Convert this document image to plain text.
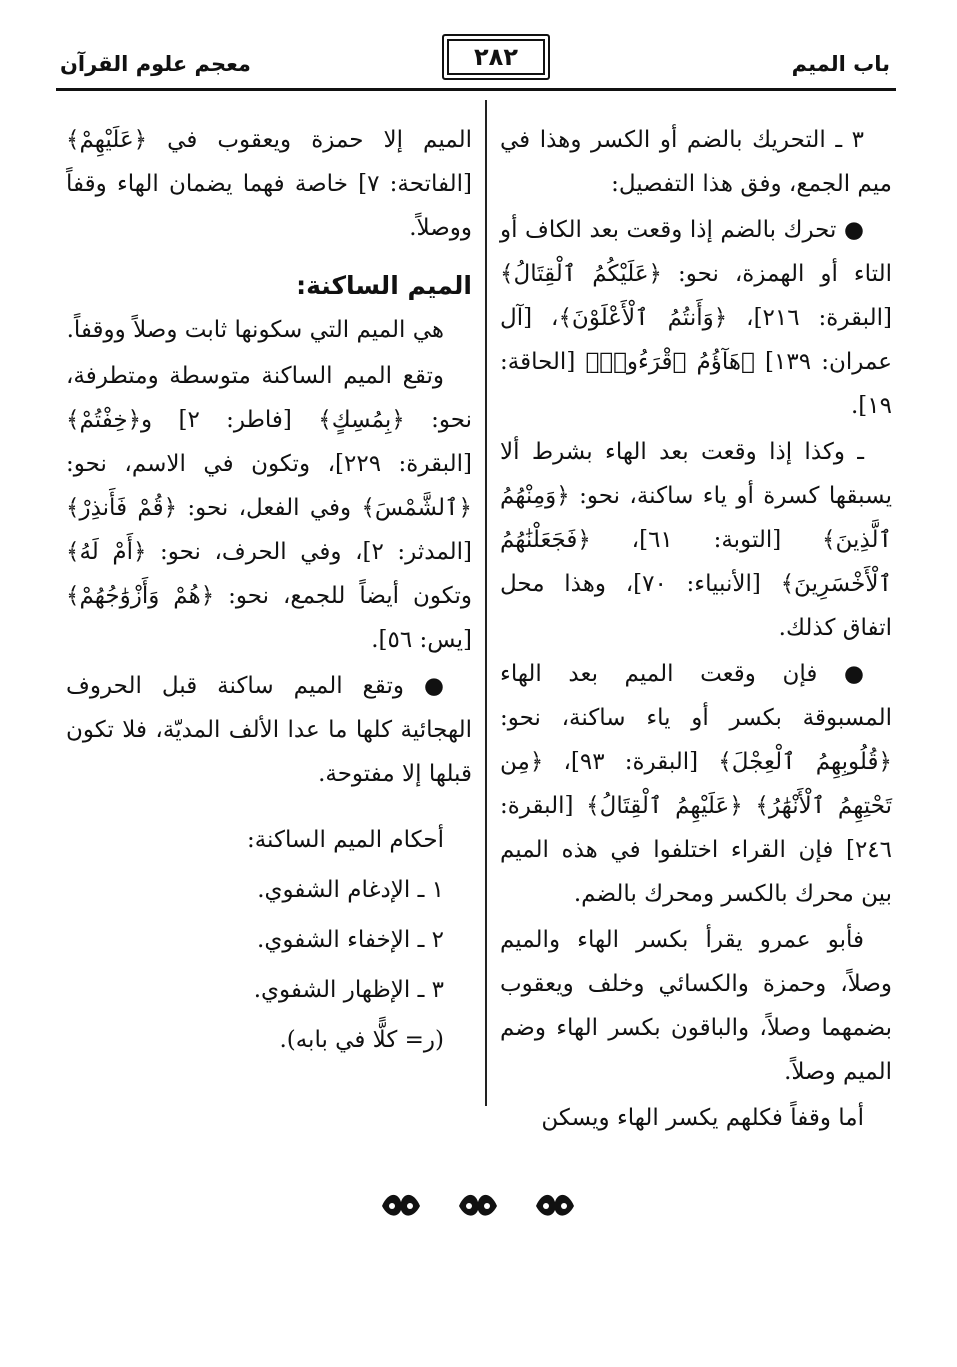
باب الميم
٢٨٢
معجم علوم القرآن

٣ ـ التحريك بالضم أو الكسر وهذا في ميم الجمع، وفق هذا التفصيل:

● تحرك بالضم إذا وقعت بعد الكاف أو التاء أو الهمزة، نحو: ﴿عَلَيْكُمُ ٱلْقِتَالُ﴾ [البقرة: ٢١٦]، ﴿وَأَنتُمُ ٱلْأَعْلَوْنَ﴾، [آل عمران: ١٣٩] ﴿هَآؤُمُ ٱقْرَءُوا۟﴾ [الحاقة: ١٩].

ـ وكذا إذا وقعت بعد الهاء بشرط ألا يسبقها كسرة أو ياء ساكنة، نحو: ﴿وَمِنْهُمُ ٱلَّذِينَ﴾ [التوبة: ٦١]، ﴿فَجَعَلْنَٰهُمُ ٱلْأَخْسَرِينَ﴾ [الأنبياء: ٧٠]، وهذا محل اتفاق كذلك.

● فإن وقعت الميم بعد الهاء المسبوقة بكسر أو ياء ساكنة، نحو: ﴿قُلُوبِهِمُ ٱلْعِجْلَ﴾ [البقرة: ٩٣]، ﴿مِن تَحْتِهِمُ ٱلْأَنْهَٰرُ﴾ ﴿عَلَيْهِمُ ٱلْقِتَالُ﴾ [البقرة: ٢٤٦] فإن القراء اختلفوا في هذه الميم بين محرك بالكسر ومحرك بالضم.

فأبو عمرو يقرأ بكسر الهاء والميم وصلاً، وحمزة والكسائي وخلف ويعقوب بضمهما وصلاً، والباقون بكسر الهاء وضم الميم وصلاً.

أما وقفاً فكلهم يكسر الهاء ويسكن

الميم إلا حمزة ويعقوب في ﴿عَلَيْهِمْ﴾ [الفاتحة: ٧] خاصة فهما يضمان الهاء وقفاً ووصلاً.

الميم الساكنة:

هي الميم التي سكونها ثابت وصلاً ووقفاً.

وتقع الميم الساكنة متوسطة ومتطرفة، نحو: ﴿بِمُسِكٍ﴾ [فاطر: ٢] و﴿خِفْتُمْ﴾ [البقرة: ٢٢٩]، وتكون في الاسم، نحو: ﴿ٱلشَّمْسَ﴾ وفي الفعل، نحو: ﴿قُمْ فَأَنذِرْ﴾ [المدثر: ٢]، وفي الحرف، نحو: ﴿أَمْ لَهُ﴾ وتكون أيضاً للجمع، نحو: ﴿هُمْ وَأَزْوَٰجُهُمْ﴾ [يس: ٥٦].

● وتقع الميم ساكنة قبل الحروف الهجائية كلها ما عدا الألف المديّة، فلا تكون قبلها إلا مفتوحة.

أحكام الميم الساكنة:

١ ـ الإدغام الشفوي.

٢ ـ الإخفاء الشفوي.

٣ ـ الإظهار الشفوي.

(ر= كلًّا في بابه).
